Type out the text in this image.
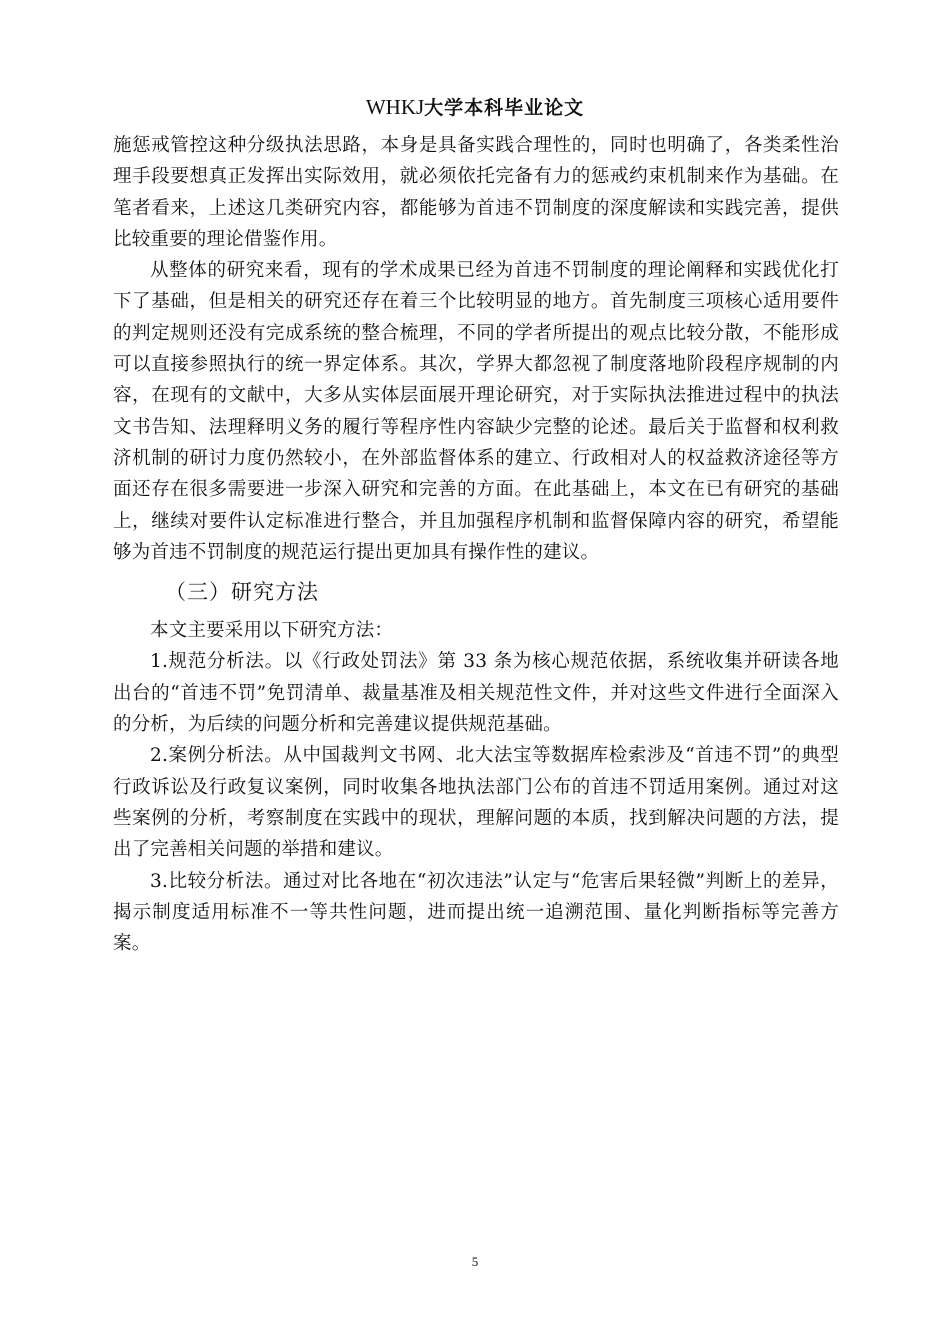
WHKJ大学本科毕业论文

施惩戒管控这种分级执法思路，本身是具备实践合理性的，同时也明确了，各类柔性治理手段要想真正发挥出实际效用，就必须依托完备有力的惩戒约束机制来作为基础。在笔者看来，上述这几类研究内容，都能够为首违不罚制度的深度解读和实践完善，提供比较重要的理论借鉴作用。

从整体的研究来看，现有的学术成果已经为首违不罚制度的理论阐释和实践优化打下了基础，但是相关的研究还存在着三个比较明显的地方。首先制度三项核心适用要件的判定规则还没有完成系统的整合梳理，不同的学者所提出的观点比较分散，不能形成可以直接参照执行的统一界定体系。其次，学界大都忽视了制度落地阶段程序规制的内容，在现有的文献中，大多从实体层面展开理论研究，对于实际执法推进过程中的执法文书告知、法理释明义务的履行等程序性内容缺少完整的论述。最后关于监督和权利救济机制的研讨力度仍然较小，在外部监督体系的建立、行政相对人的权益救济途径等方面还存在很多需要进一步深入研究和完善的方面。在此基础上，本文在已有研究的基础上，继续对要件认定标准进行整合，并且加强程序机制和监督保障内容的研究，希望能够为首违不罚制度的规范运行提出更加具有操作性的建议。

（三）研究方法

本文主要采用以下研究方法：

1.规范分析法。以《行政处罚法》第 33 条为核心规范依据，系统收集并研读各地出台的“首违不罚”免罚清单、裁量基准及相关规范性文件，并对这些文件进行全面深入的分析，为后续的问题分析和完善建议提供规范基础。

2.案例分析法。从中国裁判文书网、北大法宝等数据库检索涉及“首违不罚”的典型行政诉讼及行政复议案例，同时收集各地执法部门公布的首违不罚适用案例。通过对这些案例的分析，考察制度在实践中的现状，理解问题的本质，找到解决问题的方法，提出了完善相关问题的举措和建议。

3.比较分析法。通过对比各地在“初次违法”认定与“危害后果轻微”判断上的差异，揭示制度适用标准不一等共性问题，进而提出统一追溯范围、量化判断指标等完善方案。

5
